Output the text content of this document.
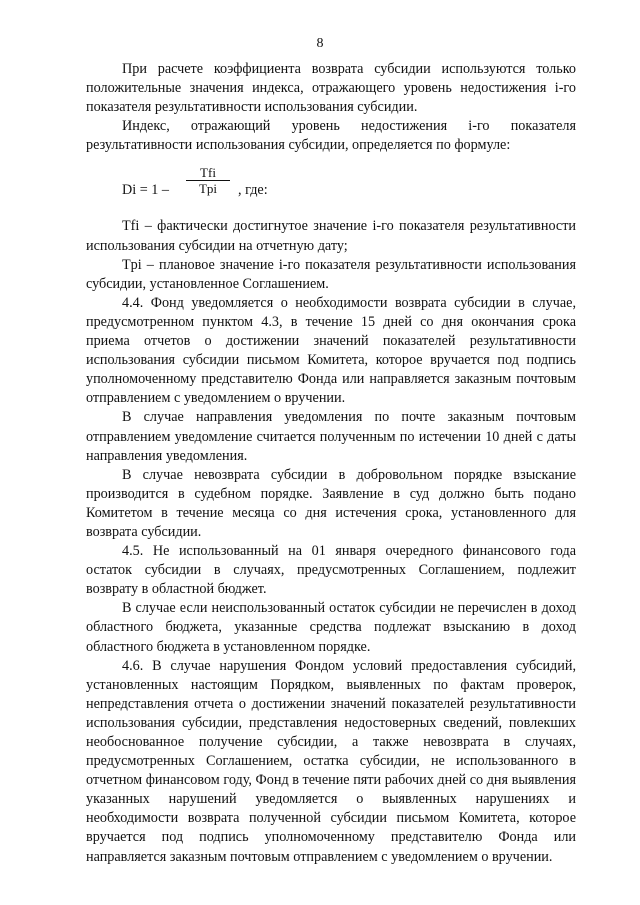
8

При расчете коэффициента возврата субсидии используются только положительные значения индекса, отражающего уровень недостижения i-го показателя результативности использования субсидии.

Индекс, отражающий уровень недостижения i-го показателя результативности использования субсидии, определяется по формуле:

Di = 1 –
Tfi
Tpi	, где:

Tfi – фактически достигнутое значение i-го показателя результативности использования субсидии на отчетную дату;

Tpi – плановое значение i-го показателя результативности использования субсидии, установленное Соглашением.

4.4. Фонд уведомляется о необходимости возврата субсидии в случае, предусмотренном пунктом 4.3, в течение 15 дней со дня окончания срока приема отчетов о достижении значений показателей результативности использования субсидии письмом Комитета, которое вручается под подпись уполномоченному представителю Фонда или направляется заказным почтовым отправлением с уведомлением о вручении.

В случае направления уведомления по почте заказным почтовым отправлением уведомление считается полученным по истечении 10 дней с даты направления уведомления.

В случае невозврата субсидии в добровольном порядке взыскание производится в судебном порядке. Заявление в суд должно быть подано Комитетом в течение месяца со дня истечения срока, установленного для возврата субсидии.

4.5. Не использованный на 01 января очередного финансового года остаток субсидии в случаях, предусмотренных Соглашением, подлежит возврату в областной бюджет.

В случае если неиспользованный остаток субсидии не перечислен в доход областного бюджета, указанные средства подлежат взысканию в доход областного бюджета в установленном порядке.

4.6. В случае нарушения Фондом условий предоставления субсидий, установленных настоящим Порядком, выявленных по фактам проверок, непредставления отчета о достижении значений показателей результативности использования субсидии, представления недостоверных сведений, повлекших необоснованное получение субсидии, а также невозврата в случаях, предусмотренных Соглашением, остатка субсидии, не использованного в отчетном финансовом году, Фонд в течение пяти рабочих дней со дня выявления указанных нарушений уведомляется о выявленных нарушениях и необходимости возврата полученной субсидии письмом Комитета, которое вручается под подпись уполномоченному представителю Фонда или направляется заказным почтовым отправлением с уведомлением о вручении.
